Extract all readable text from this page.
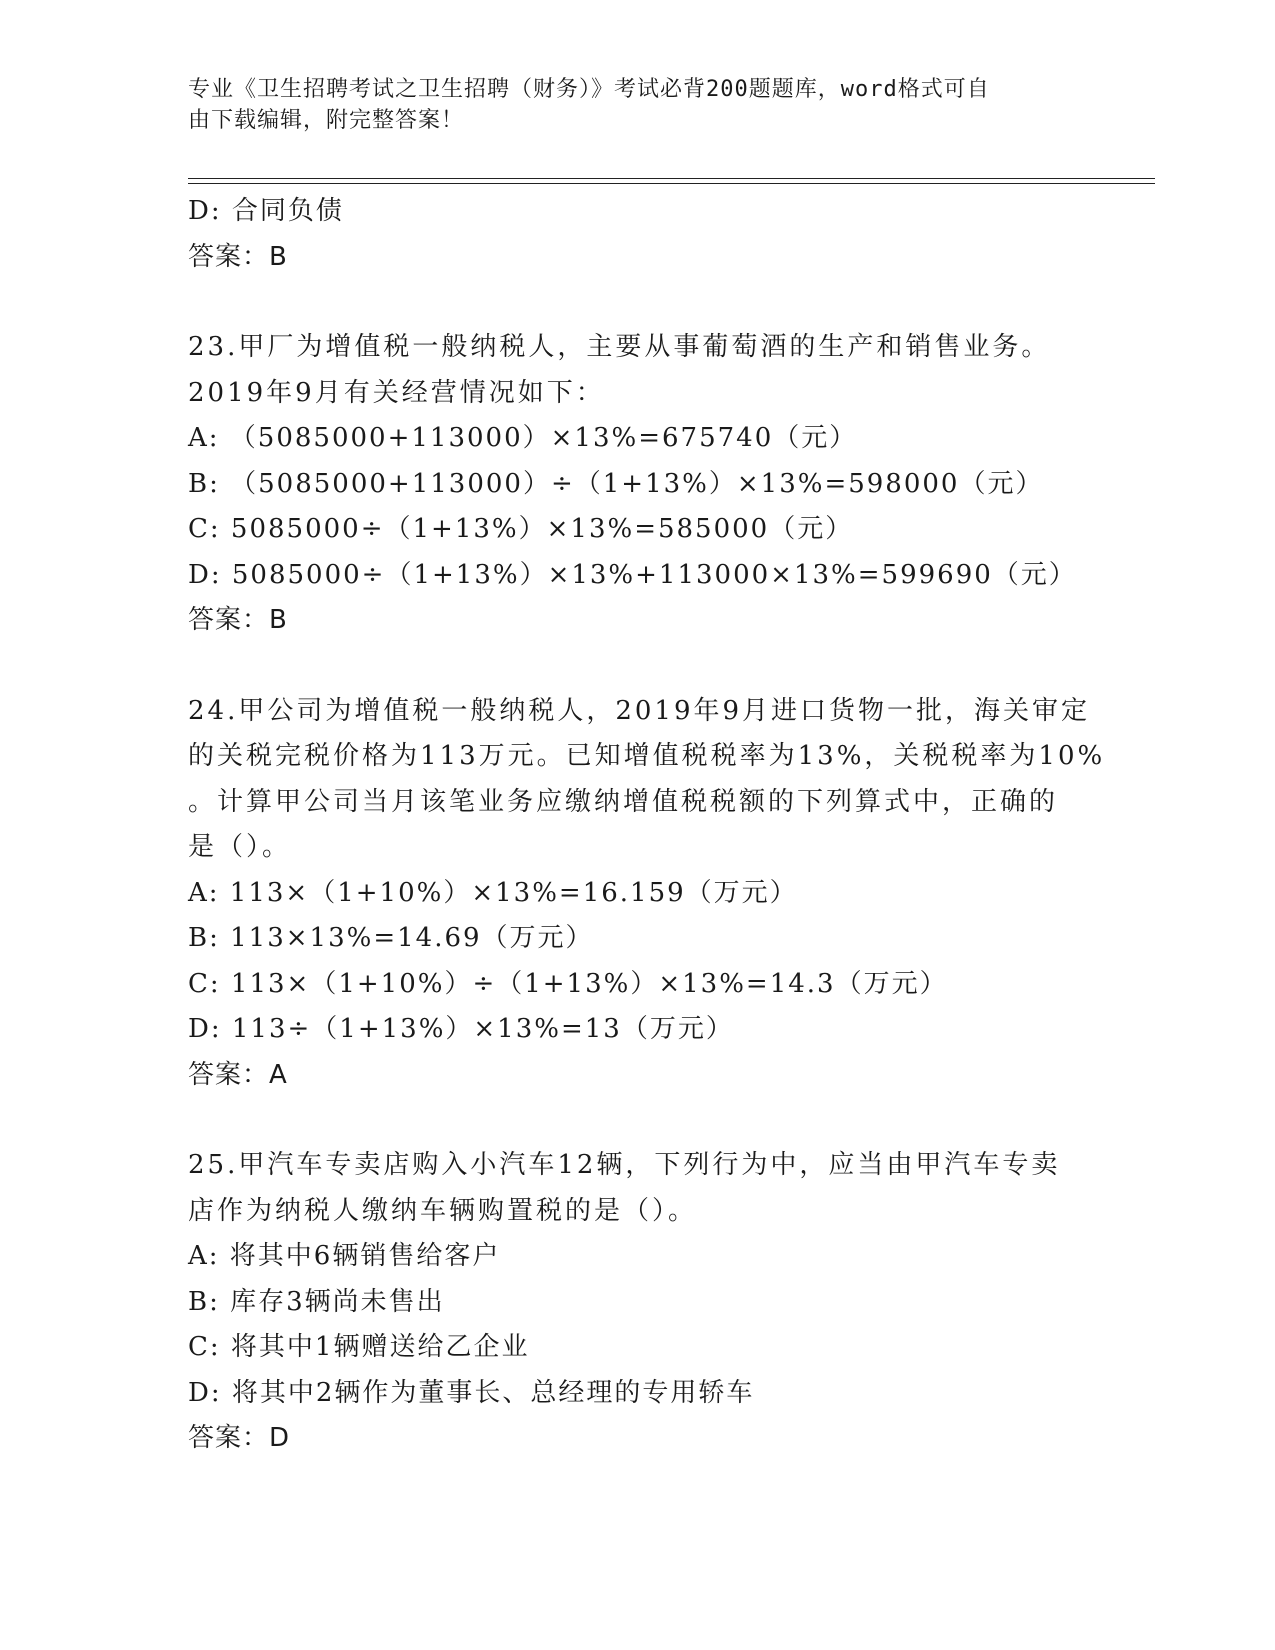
专业《卫生招聘考试之卫生招聘（财务）》考试必背200题题库，word格式可自
由下载编辑，附完整答案！
D: 合同负债
答案：B
23.甲厂为增值税一般纳税人，主要从事葡萄酒的生产和销售业务。
2019年9月有关经营情况如下：
A: （5085000+113000）×13%=675740（元）
B: （5085000+113000）÷（1+13%）×13%=598000（元）
C: 5085000÷（1+13%）×13%=585000（元）
D: 5085000÷（1+13%）×13%+113000×13%=599690（元）
答案：B
24.甲公司为增值税一般纳税人，2019年9月进口货物一批，海关审定
的关税完税价格为113万元。已知增值税税率为13%，关税税率为10%
。计算甲公司当月该笔业务应缴纳增值税税额的下列算式中，正确的
是（）。
A: 113×（1+10%）×13%=16.159（万元）
B: 113×13%=14.69（万元）
C: 113×（1+10%）÷（1+13%）×13%=14.3（万元）
D: 113÷（1+13%）×13%=13（万元）
答案：A
25.甲汽车专卖店购入小汽车12辆，下列行为中，应当由甲汽车专卖
店作为纳税人缴纳车辆购置税的是（）。
A: 将其中6辆销售给客户
B: 库存3辆尚未售出
C: 将其中1辆赠送给乙企业
D: 将其中2辆作为董事长、总经理的专用轿车
答案：D
